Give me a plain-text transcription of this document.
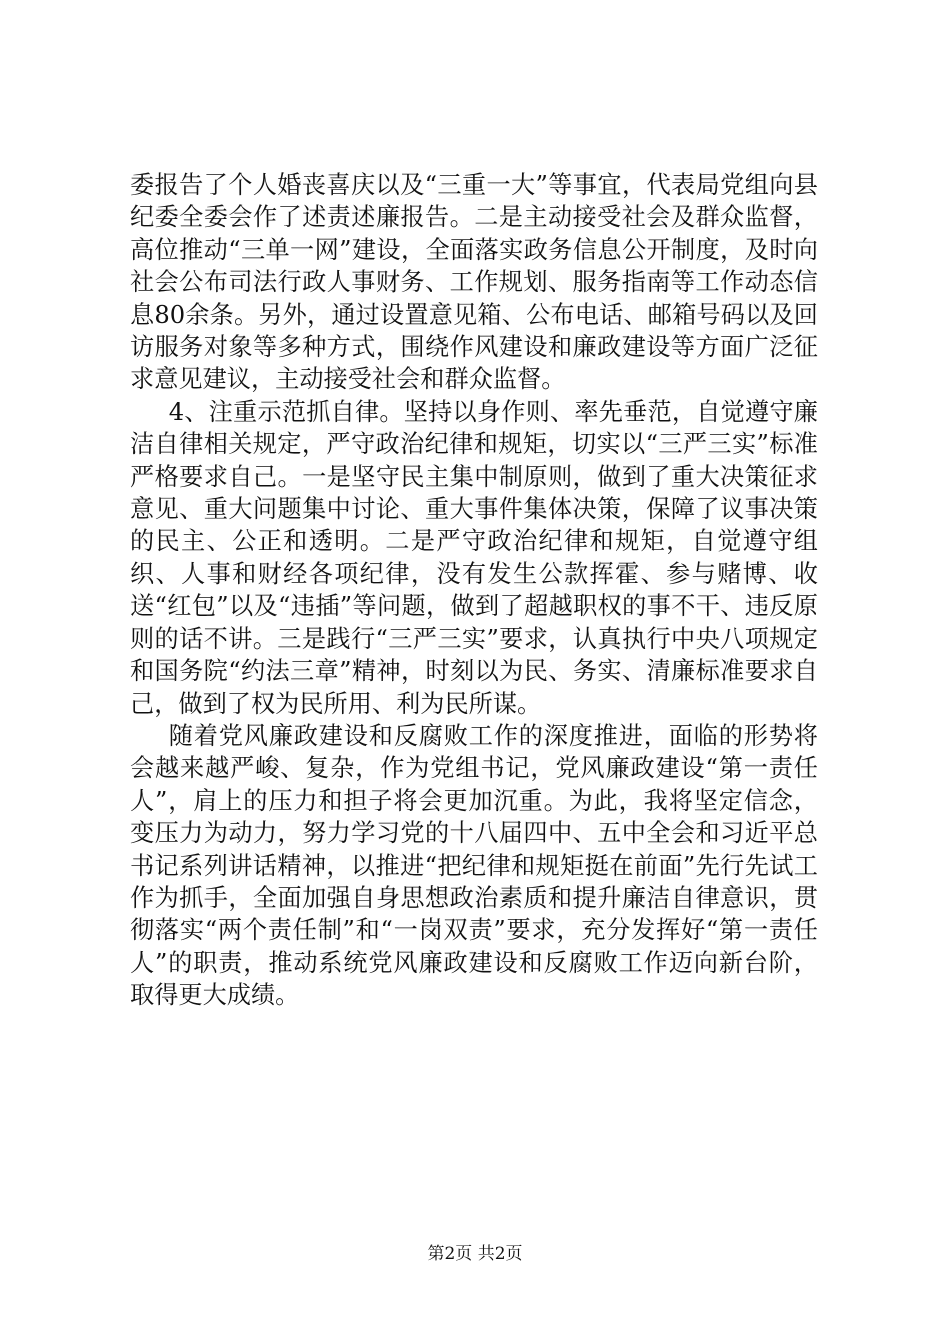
委报告了个人婚丧喜庆以及“三重一大”等事宜，代表局党组向县纪委全委会作了述责述廉报告。二是主动接受社会及群众监督，高位推动“三单一网”建设，全面落实政务信息公开制度，及时向社会公布司法行政人事财务、工作规划、服务指南等工作动态信息80余条。另外，通过设置意见箱、公布电话、邮箱号码以及回访服务对象等多种方式，围绕作风建设和廉政建设等方面广泛征求意见建议，主动接受社会和群众监督。

4、注重示范抓自律。坚持以身作则、率先垂范，自觉遵守廉洁自律相关规定，严守政治纪律和规矩，切实以“三严三实”标准严格要求自己。一是坚守民主集中制原则，做到了重大决策征求意见、重大问题集中讨论、重大事件集体决策，保障了议事决策的民主、公正和透明。二是严守政治纪律和规矩，自觉遵守组织、人事和财经各项纪律，没有发生公款挥霍、参与赌博、收送“红包”以及“违插”等问题，做到了超越职权的事不干、违反原则的话不讲。三是践行“三严三实”要求，认真执行中央八项规定和国务院“约法三章”精神，时刻以为民、务实、清廉标准要求自己，做到了权为民所用、利为民所谋。

随着党风廉政建设和反腐败工作的深度推进，面临的形势将会越来越严峻、复杂，作为党组书记，党风廉政建设“第一责任人”，肩上的压力和担子将会更加沉重。为此，我将坚定信念，变压力为动力，努力学习党的十八届四中、五中全会和习近平总书记系列讲话精神，以推进“把纪律和规矩挺在前面”先行先试工作为抓手，全面加强自身思想政治素质和提升廉洁自律意识，贯彻落实“两个责任制”和“一岗双责”要求，充分发挥好“第一责任人”的职责，推动系统党风廉政建设和反腐败工作迈向新台阶，取得更大成绩。

第2页 共2页
